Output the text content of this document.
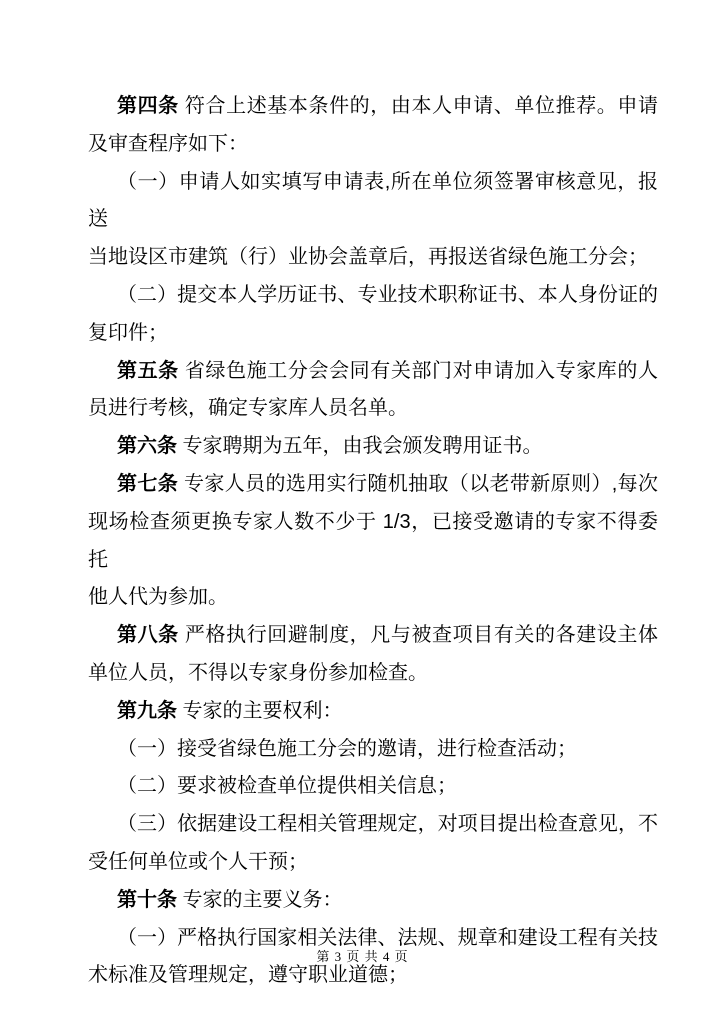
第四条 符合上述基本条件的，由本人申请、单位推荐。申请
及审查程序如下：
（一）申请人如实填写申请表,所在单位须签署审核意见，报送
当地设区市建筑（行）业协会盖章后，再报送省绿色施工分会；
（二）提交本人学历证书、专业技术职称证书、本人身份证的
复印件；
第五条 省绿色施工分会会同有关部门对申请加入专家库的人
员进行考核，确定专家库人员名单。
第六条 专家聘期为五年，由我会颁发聘用证书。
第七条 专家人员的选用实行随机抽取（以老带新原则）,每次
现场检查须更换专家人数不少于 1/3，已接受邀请的专家不得委托
他人代为参加。
第八条 严格执行回避制度，凡与被查项目有关的各建设主体
单位人员，不得以专家身份参加检查。
第九条 专家的主要权利：
（一）接受省绿色施工分会的邀请，进行检查活动；
（二）要求被检查单位提供相关信息；
（三）依据建设工程相关管理规定，对项目提出检查意见，不
受任何单位或个人干预；
第十条 专家的主要义务：
（一）严格执行国家相关法律、法规、规章和建设工程有关技
术标准及管理规定，遵守职业道德；
第 3 页 共 4 页
